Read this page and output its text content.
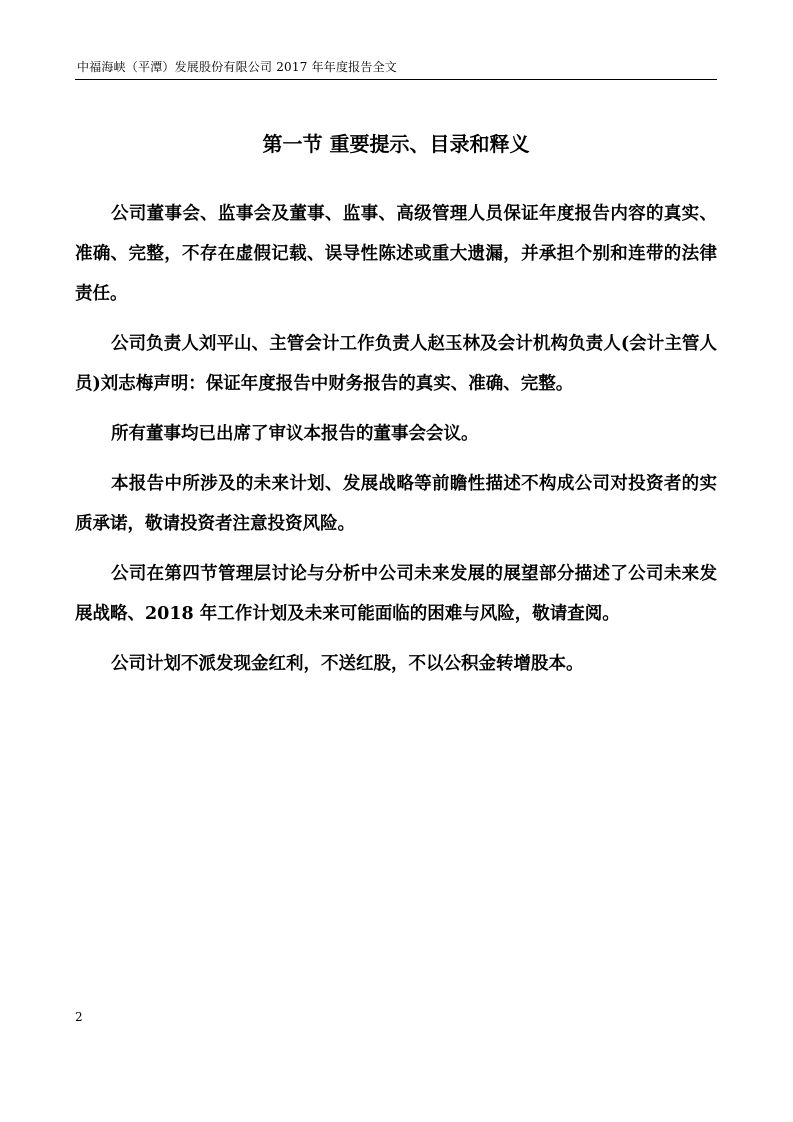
中福海峡（平潭）发展股份有限公司 2017 年年度报告全文
第一节 重要提示、目录和释义

公司董事会、监事会及董事、监事、高级管理人员保证年度报告内容的真实、准确、完整，不存在虚假记载、误导性陈述或重大遗漏，并承担个别和连带的法律责任。

公司负责人刘平山、主管会计工作负责人赵玉林及会计机构负责人(会计主管人员)刘志梅声明：保证年度报告中财务报告的真实、准确、完整。

所有董事均已出席了审议本报告的董事会会议。

本报告中所涉及的未来计划、发展战略等前瞻性描述不构成公司对投资者的实质承诺，敬请投资者注意投资风险。

公司在第四节管理层讨论与分析中公司未来发展的展望部分描述了公司未来发展战略、2018 年工作计划及未来可能面临的困难与风险，敬请查阅。

公司计划不派发现金红利，不送红股，不以公积金转增股本。

2
